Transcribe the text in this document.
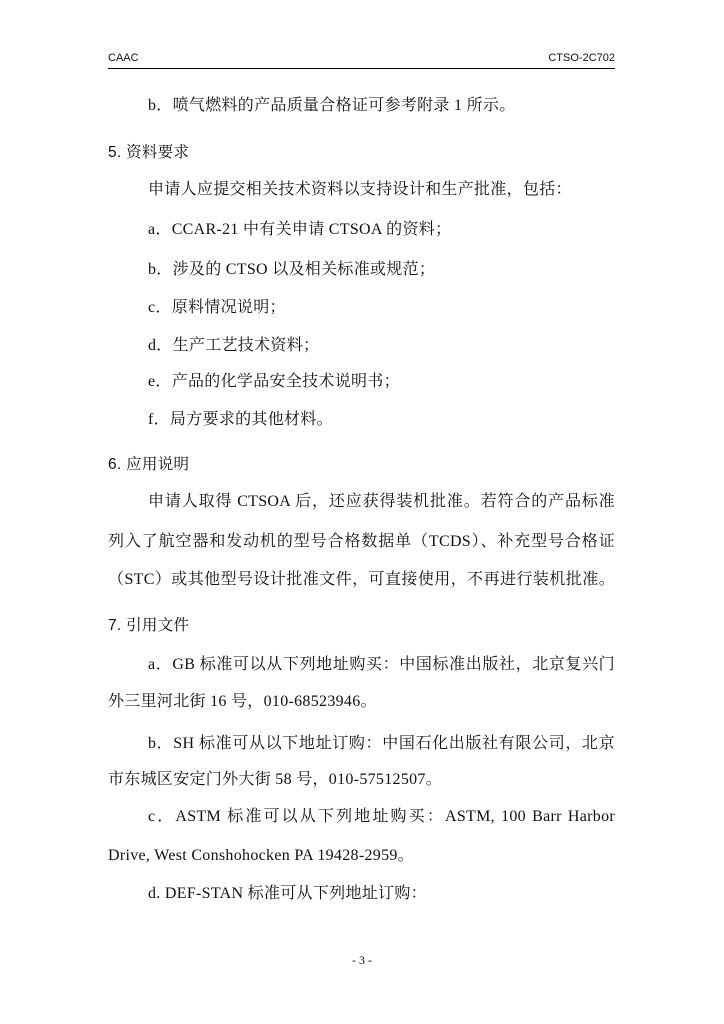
CAAC	CTSO-2C702
b．喷气燃料的产品质量合格证可参考附录 1 所示。
5. 资料要求
申请人应提交相关技术资料以支持设计和生产批准，包括：
a．CCAR-21 中有关申请 CTSOA 的资料；
b．涉及的 CTSO 以及相关标准或规范；
c．原料情况说明；
d．生产工艺技术资料；
e．产品的化学品安全技术说明书；
f．局方要求的其他材料。
6. 应用说明
申请人取得 CTSOA 后，还应获得装机批准。若符合的产品标准
列入了航空器和发动机的型号合格数据单（TCDS）、补充型号合格证
（STC）或其他型号设计批准文件，可直接使用，不再进行装机批准。
7. 引用文件
a．GB 标准可以从下列地址购买：中国标准出版社，北京复兴门
外三里河北街 16 号，010-68523946。
b．SH 标准可从以下地址订购：中国石化出版社有限公司，北京
市东城区安定门外大街 58 号，010-57512507。
c．ASTM 标准可以从下列地址购买：ASTM, 100 Barr Harbor
Drive, West Conshohocken PA 19428-2959。
d. DEF-STAN 标准可从下列地址订购：
- 3 -
